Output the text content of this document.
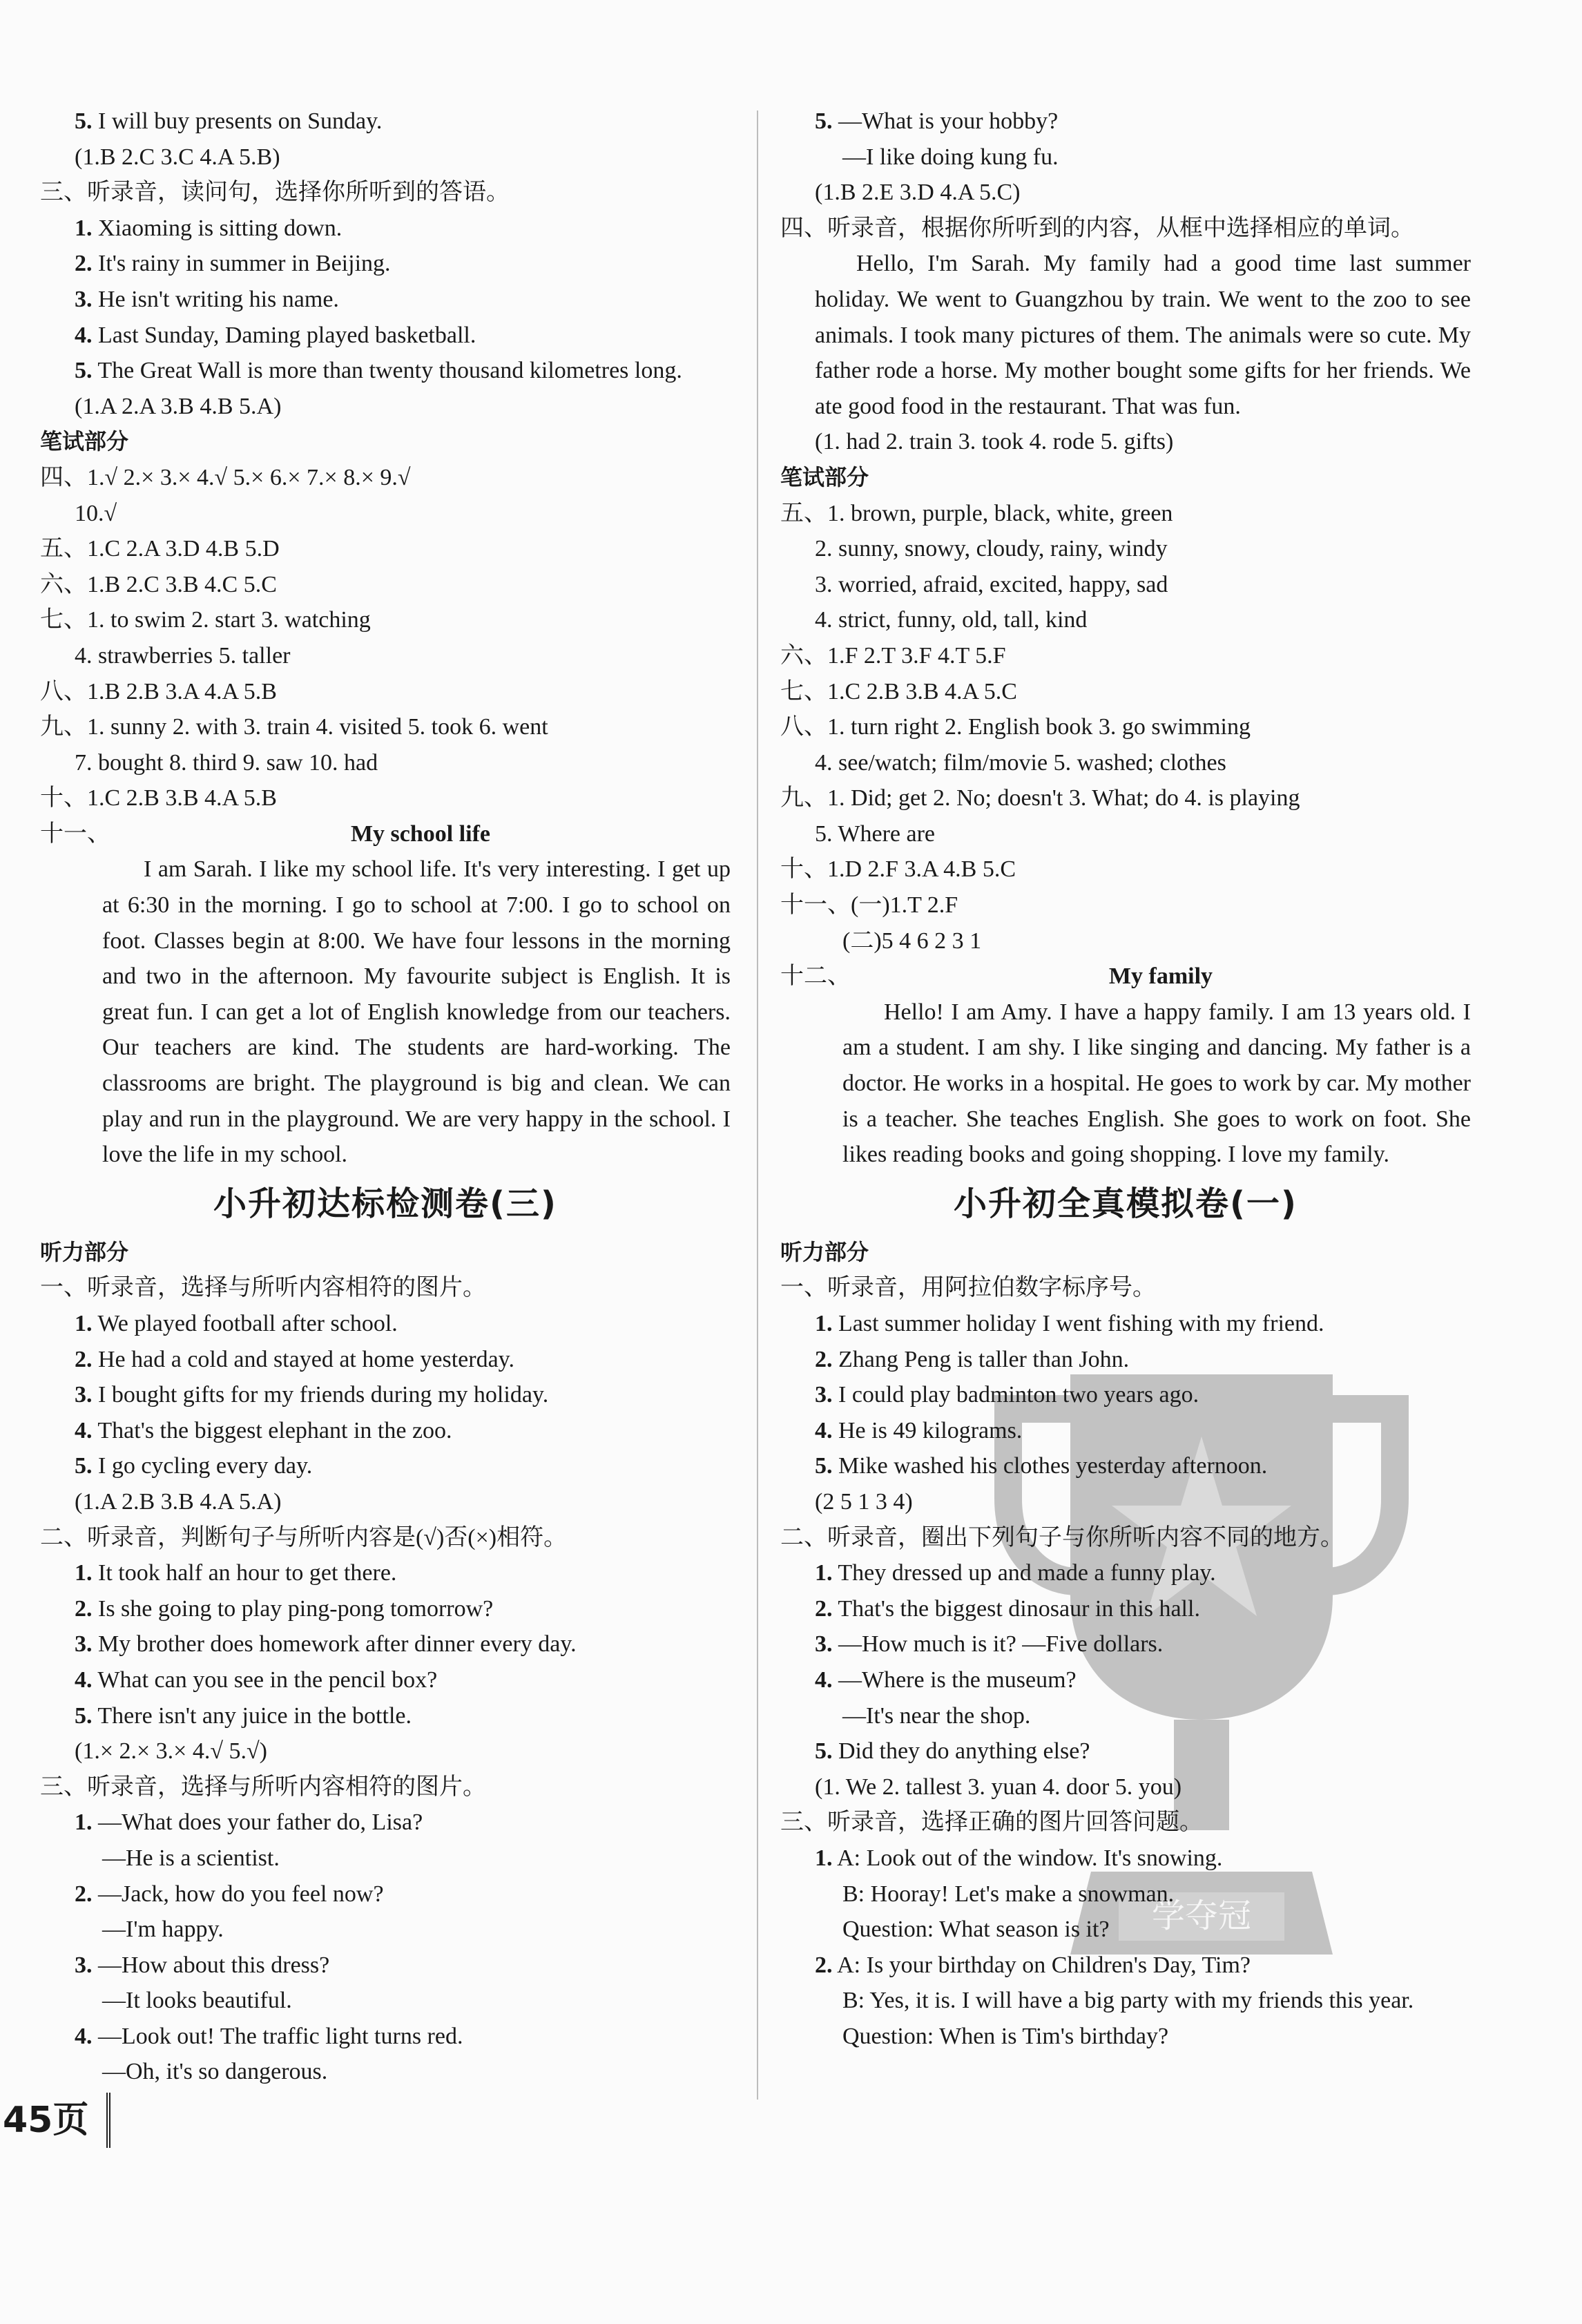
学夺冠
5. I will buy presents on Sunday.
(1.B 2.C 3.C 4.A 5.B)
三、听录音，读问句，选择你所听到的答语。
1. Xiaoming is sitting down.
2. It's rainy in summer in Beijing.
3. He isn't writing his name.
4. Last Sunday, Daming played basketball.
5. The Great Wall is more than twenty thousand kilometres long.
(1.A 2.A 3.B 4.B 5.A)
笔试部分
四、1.√ 2.× 3.× 4.√ 5.× 6.× 7.× 8.× 9.√
10.√
五、1.C 2.A 3.D 4.B 5.D
六、1.B 2.C 3.B 4.C 5.C
七、1. to swim 2. start 3. watching
4. strawberries 5. taller
八、1.B 2.B 3.A 4.A 5.B
九、1. sunny 2. with 3. train 4. visited 5. took 6. went
7. bought 8. third 9. saw 10. had
十、1.C 2.B 3.B 4.A 5.B
十一、	My school life
I am Sarah. I like my school life. It's very interesting. I get up at 6:30 in the morning. I go to school at 7:00. I go to school on foot. Classes begin at 8:00. We have four lessons in the morning and two in the afternoon. My favourite subject is English. It is great fun. I can get a lot of English knowledge from our teachers. Our teachers are kind. The students are hard-working. The classrooms are bright. The playground is big and clean. We can play and run in the playground. We are very happy in the school. I love the life in my school.
小升初达标检测卷(三)
听力部分
一、听录音，选择与所听内容相符的图片。
1. We played football after school.
2. He had a cold and stayed at home yesterday.
3. I bought gifts for my friends during my holiday.
4. That's the biggest elephant in the zoo.
5. I go cycling every day.
(1.A 2.B 3.B 4.A 5.A)
二、听录音，判断句子与所听内容是(√)否(×)相符。
1. It took half an hour to get there.
2. Is she going to play ping-pong tomorrow?
3. My brother does homework after dinner every day.
4. What can you see in the pencil box?
5. There isn't any juice in the bottle.
(1.× 2.× 3.× 4.√ 5.√)
三、听录音，选择与所听内容相符的图片。
1. —What does your father do, Lisa?
—He is a scientist.
2. —Jack, how do you feel now?
—I'm happy.
3. —How about this dress?
—It looks beautiful.
4. —Look out! The traffic light turns red.
—Oh, it's so dangerous.
5. —What is your hobby?
—I like doing kung fu.
(1.B 2.E 3.D 4.A 5.C)
四、听录音，根据你所听到的内容，从框中选择相应的单词。
Hello, I'm Sarah. My family had a good time last summer holiday. We went to Guangzhou by train. We went to the zoo to see animals. I took many pictures of them. The animals were so cute. My father rode a horse. My mother bought some gifts for her friends. We ate good food in the restaurant. That was fun.
(1. had 2. train 3. took 4. rode 5. gifts)
笔试部分
五、1. brown, purple, black, white, green
2. sunny, snowy, cloudy, rainy, windy
3. worried, afraid, excited, happy, sad
4. strict, funny, old, tall, kind
六、1.F 2.T 3.F 4.T 5.F
七、1.C 2.B 3.B 4.A 5.C
八、1. turn right 2. English book 3. go swimming
4. see/watch; film/movie 5. washed; clothes
九、1. Did; get 2. No; doesn't 3. What; do 4. is playing
5. Where are
十、1.D 2.F 3.A 4.B 5.C
十一、(一)1.T 2.F
(二)5 4 6 2 3 1
十二、	My family
Hello! I am Amy. I have a happy family. I am 13 years old. I am a student. I am shy. I like singing and dancing. My father is a doctor. He works in a hospital. He goes to work by car. My mother is a teacher. She teaches English. She goes to work on foot. She likes reading books and going shopping. I love my family.
小升初全真模拟卷(一)
听力部分
一、听录音，用阿拉伯数字标序号。
1. Last summer holiday I went fishing with my friend.
2. Zhang Peng is taller than John.
3. I could play badminton two years ago.
4. He is 49 kilograms.
5. Mike washed his clothes yesterday afternoon.
(2 5 1 3 4)
二、听录音，圈出下列句子与你所听内容不同的地方。
1. They dressed up and made a funny play.
2. That's the biggest dinosaur in this hall.
3. —How much is it? —Five dollars.
4. —Where is the museum?
—It's near the shop.
5. Did they do anything else?
(1. We 2. tallest 3. yuan 4. door 5. you)
三、听录音，选择正确的图片回答问题。
1. A: Look out of the window. It's snowing.
B: Hooray! Let's make a snowman.
Question: What season is it?
2. A: Is your birthday on Children's Day, Tim?
B: Yes, it is. I will have a big party with my friends this year.
Question: When is Tim's birthday?
45页
